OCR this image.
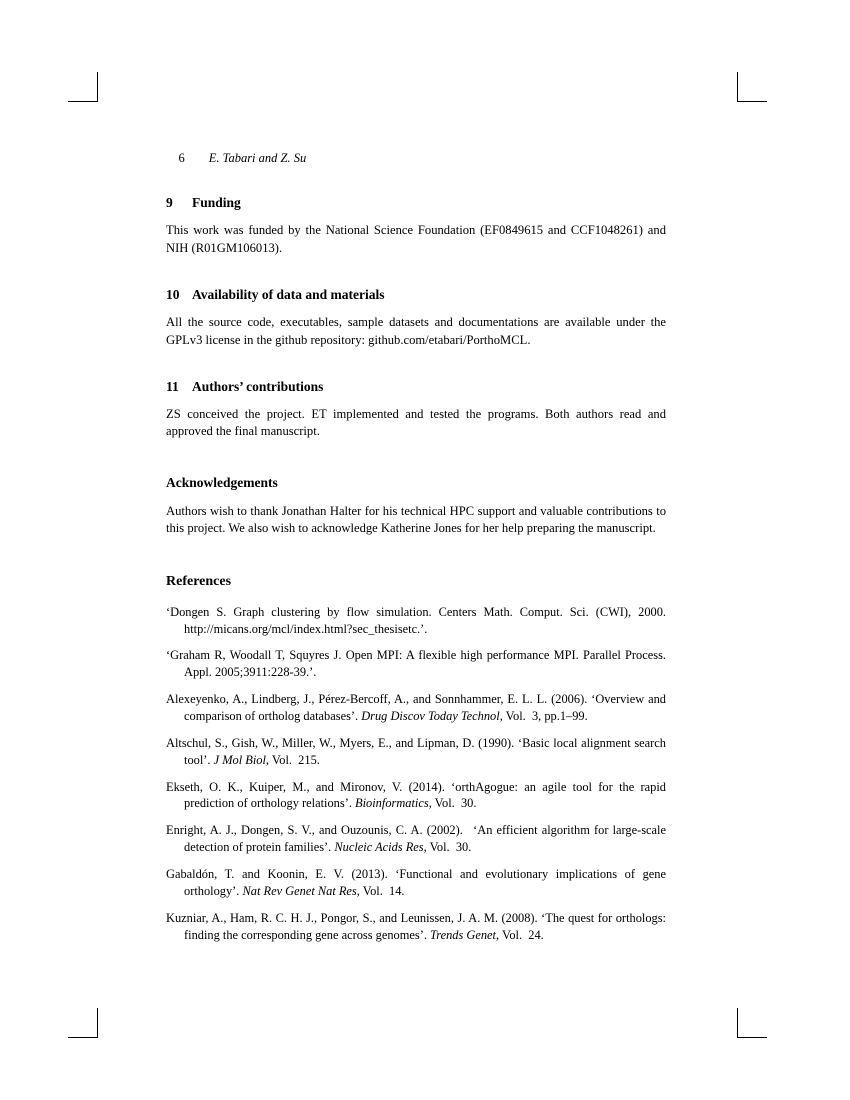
6 E. Tabari and Z. Su

9 Funding

This work was funded by the National Science Foundation (EF0849615 and CCF1048261) and NIH (R01GM106013).

10 Availability of data and materials

All the source code, executables, sample datasets and documentations are available under the GPLv3 license in the github repository: github.com/etabari/PorthoMCL.

11 Authors’ contributions

ZS conceived the project. ET implemented and tested the programs. Both authors read and approved the final manuscript.

Acknowledgements

Authors wish to thank Jonathan Halter for his technical HPC support and valuable contributions to this project. We also wish to acknowledge Katherine Jones for her help preparing the manuscript.

References

‘Dongen S. Graph clustering by flow simulation. Centers Math. Comput. Sci. (CWI), 2000. http://micans.org/mcl/index.html?sec_thesisetc.’.

‘Graham R, Woodall T, Squyres J. Open MPI: A flexible high performance MPI. Parallel Process. Appl. 2005;3911:228-39.’.

Alexeyenko, A., Lindberg, J., Pérez-Bercoff, A., and Sonnhammer, E. L. L. (2006). ‘Overview and comparison of ortholog databases’. Drug Discov Today Technol, Vol. 3, pp.1–99.

Altschul, S., Gish, W., Miller, W., Myers, E., and Lipman, D. (1990). ‘Basic local alignment search tool’. J Mol Biol, Vol. 215.

Ekseth, O. K., Kuiper, M., and Mironov, V. (2014). ‘orthAgogue: an agile tool for the rapid prediction of orthology relations’. Bioinformatics, Vol. 30.

Enright, A. J., Dongen, S. V., and Ouzounis, C. A. (2002).  ‘An efficient algorithm for large-scale detection of protein families’. Nucleic Acids Res, Vol. 30.

Gabaldón, T. and Koonin, E. V. (2013). ‘Functional and evolutionary implications of gene orthology’. Nat Rev Genet Nat Res, Vol. 14.

Kuzniar, A., Ham, R. C. H. J., Pongor, S., and Leunissen, J. A. M. (2008). ‘The quest for orthologs: finding the corresponding gene across genomes’. Trends Genet, Vol. 24.
